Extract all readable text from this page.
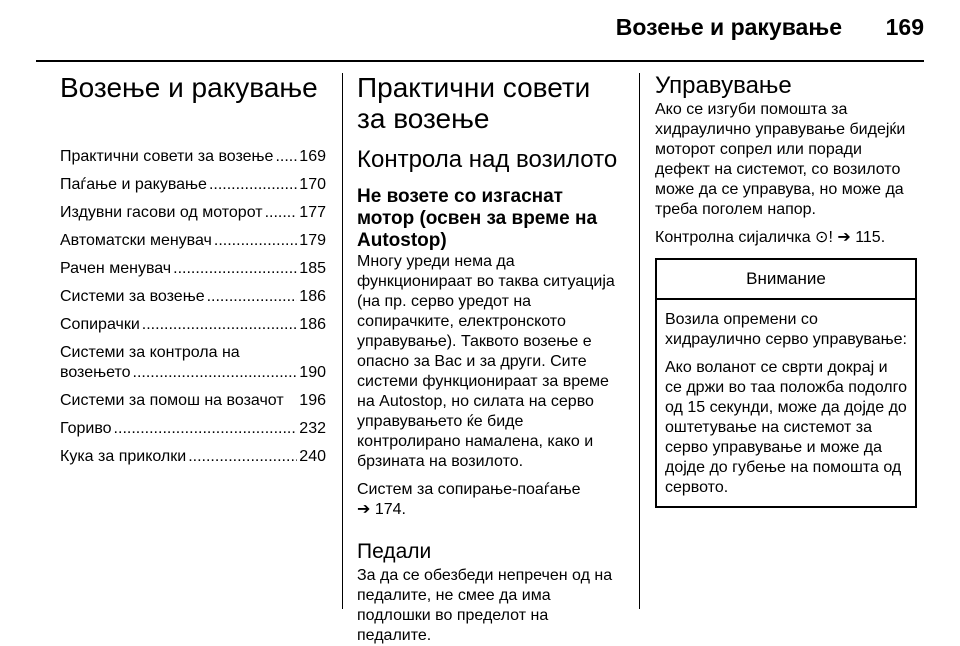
Возење и ракување 169
Возење и ракување
Практични совети за возење ..... 169
Паѓање и ракување .....	170
Издувни гасови од моторот ..... 177
Автоматски менувач .....	179
Рачен менувач .....	185
Системи за возење .....	186
Сопирачки .....	186
Системи за контрола на
возењето .....	190
Системи за помош на возачот 196
Гориво .....	232
Кука за приколки .....	240
Практични совети за возење
Контрола над возилото
Не возете со изгаснат мотор (освен за време на Autostop)

Многу уреди нема да функционираат во таква ситуација (на пр. серво уредот на сопирачките, електронското управување). Таквото возење е опасно за Вас и за други. Сите системи функционираат за време на Autostop, но силата на серво управувањето ќе биде контролирано намалена, како и брзината на возилото.

Систем за сопирање-поаѓање

➔ 174.

Педали

За да се обезбеди непречен од на педалите, не смее да има подлошки во пределот на педалите.

Управување

Ако се изгуби помошта за хидраулично управување бидејќи моторот сопрел или поради дефект на системот, со возилото може да се управува, но може да треба поголем напор.

Контролна сијаличка ⊙! ➔ 115.

Внимание

Возила опремени со хидраулично серво управување:

Ако воланот се сврти докрај и се држи во таа положба подолго од 15 секунди, може да дојде до оштетување на системот за серво управување и може да дојде до губење на помошта од сервото.
